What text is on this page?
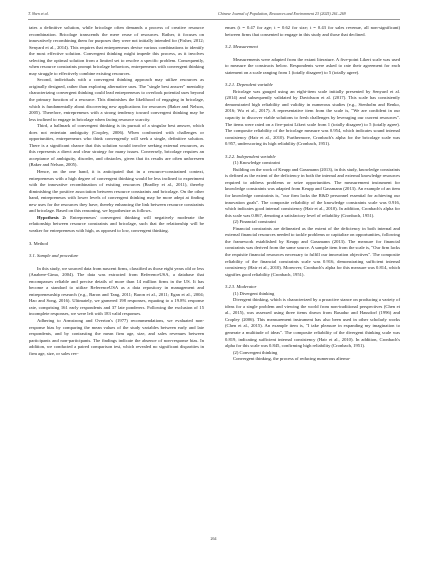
T. Shen et al.	Chinese Journal of Population, Resources and Environment 23 (2025) 261–269

tates a definitive solution, while bricolage often demands a process of creative resource recombination. Bricolage transcends the mere reuse of resources. Rather, it focuses on innovatively recombining them for purposes they were not initially intended for (Fisher, 2012; Senyard et al., 2014). This requires that entrepreneurs devise various combinations to identify the most effective solution. Convergent thinking might impede this process, as it involves selecting the optimal solution from a limited set to resolve a specific problem. Consequently, when resource constraints prompt bricolage behaviors, entrepreneurs with convergent thinking may struggle to effectively combine existing resources.

Second, individuals with a convergent thinking approach may utilize resources as originally designed, rather than exploring alternative uses. The "single best answer" mentality characterizing convergent thinking could lead entrepreneurs to overlook potential uses beyond the primary function of a resource. This diminishes the likelihood of engaging in bricolage, which is fundamentally about discovering new applications for resources (Baker and Nelson, 2005). Therefore, entrepreneurs with a strong tendency toward convergent thinking may be less inclined to engage in bricolage when facing resource scarcity.

Third, a hallmark of convergent thinking is its pursuit of a singular best answer, which does not entertain ambiguity (Cropley, 2006). When confronted with challenges or opportunities, entrepreneurs who think convergently will seek a single, definitive solution. There is a significant chance that this solution would involve seeking external resources, as this represents a direct and clear strategy for many issues. Conversely, bricolage requires an acceptance of ambiguity, disorder, and obstacles, given that its results are often unforeseen (Baker and Nelson, 2005).

Hence, on the one hand, it is anticipated that in a resource-constrained context, entrepreneurs with a high degree of convergent thinking would be less inclined to experiment with the innovative recombination of existing resources (Bradley et al., 2011), thereby diminishing the positive association between resource constraints and bricolage. On the other hand, entrepreneurs with lower levels of convergent thinking may be more adept at finding new uses for the resources they have, thereby enhancing the link between resource constraints and bricolage. Based on this reasoning, we hypothesize as follows.

Hypothesis 2: Entrepreneurs' convergent thinking will negatively moderate the relationship between resource constraints and bricolage, such that the relationship will be weaker for entrepreneurs with high, as opposed to low, convergent thinking.

3. Method

3.1. Sample and procedure

In this study, we sourced data from nascent firms, classified as those eight years old or less (Anabere-Gima, 2004). The data was extracted from ReferenceUSA, a database that encompasses reliable and precise details of more than 14 million firms in the US. It has become a standard to utilize ReferenceUSA as a data repository in management and entrepreneurship research (e.g., Baron and Tang, 2011; Baron et al., 2011; Egan et al., 2004; Hao and Song, 2016). Ultimately, we garnered 198 responses, equating to a 19.8% response rate, comprising 161 early respondents and 37 late ponderers. Following the exclusion of 15 incomplete responses, we were left with 183 valid responses.

Adhering to Armstrong and Overton's (1977) recommendations, we evaluated non-response bias by comparing the mean values of the study variables between early and late respondents, and by contrasting the mean firm age, size, and sales revenues between participants and non-participants. The findings indicate the absence of non-response bias. In addition, we conducted a paired comparison test, which revealed no significant disparities in firm age, size, or sales rev-

enues (t = 0.47 for age; t = 0.62 for size; t = 0.43 for sales revenue, all non-significant) between firms that consented to engage in this study and those that declined.

3.2. Measurement

Measurements were adapted from the extant literature. A five-point Likert scale was used to measure the constructs below. Respondents were asked to rate their agreement for each statement on a scale ranging from 1 (totally disagree) to 5 (totally agree).

3.2.1. Dependent variable

Bricolage was gauged using an eight-item scale initially presented by Senyard et al. (2014) and subsequently validated by Davidsson et al. (2017). This scale has consistently demonstrated high reliability and validity in numerous studies (e.g., Stenholm and Renko, 2016; Wu et al., 2017). A representative item from the scale is, "We are confident in our capacity to discover viable solutions to fresh challenges by leveraging our current resources". The items were rated on a five-point Likert scale from 1 (totally disagree) to 5 (totally agree). The composite reliability of the bricolage measure was 0.954, which indicates sound internal consistency (Hair et al., 2010). Furthermore, Cronbach's alpha for the bricolage scale was 0.957, underscoring its high reliability (Cronbach, 1951).

3.2.2. Independent variable

(1) Knowledge constraint

Building on the work of Keupp and Gassmann (2013), in this study, knowledge constraints is defined as the extent of the deficiency in both the internal and external knowledge resources required to address problems or seize opportunities. The measurement instrument for knowledge constraints was adapted from Keupp and Gassmann (2013). An example of an item for knowledge constraints is, "our firm lacks the R&D personnel essential for achieving our innovation goals". The composite reliability of the knowledge constraints scale was 0.916, which indicates good internal consistency (Hair et al., 2010). In addition, Cronbach's alpha for this scale was 0.867, denoting a satisfactory level of reliability (Cronbach, 1951).

(2) Financial constraint

Financial constraints are delineated as the extent of the deficiency in both internal and external financial resources needed to tackle problems or capitalize on opportunities, following the framework established by Keupp and Gassmann (2013). The measure for financial constraints was derived from the same source. A sample item from the scale is, "Our firm lacks the requisite financial resources necessary to fulfill our innovation objectives". The composite reliability of the financial constraints scale was 0.916, demonstrating sufficient internal consistency (Hair et al., 2010). Moreover, Cronbach's alpha for this measure was 0.814, which signifies good reliability (Cronbach, 1951).

3.2.3. Moderator

(1) Divergent thinking

Divergent thinking, which is characterized by a proactive stance on producing a variety of ideas for a single problem and viewing the world from non-traditional perspectives (Chen et al., 2015), was assessed using three items drawn from Basadur and Hausdorf (1996) and Cropley (2006). This measurement instrument has also been used in other scholarly works (Chen et al., 2015). An example item is, "I take pleasure in expanding my imagination to generate a multitude of ideas". The composite reliability of the divergent thinking scale was 0.819, indicating sufficient internal consistency (Hair et al., 2010). In addition, Cronbach's alpha for this scale was 0.845, confirming high reliability (Cronbach, 1951).

(2) Convergent thinking

Convergent thinking, the process of reducing numerous alterna-

264
